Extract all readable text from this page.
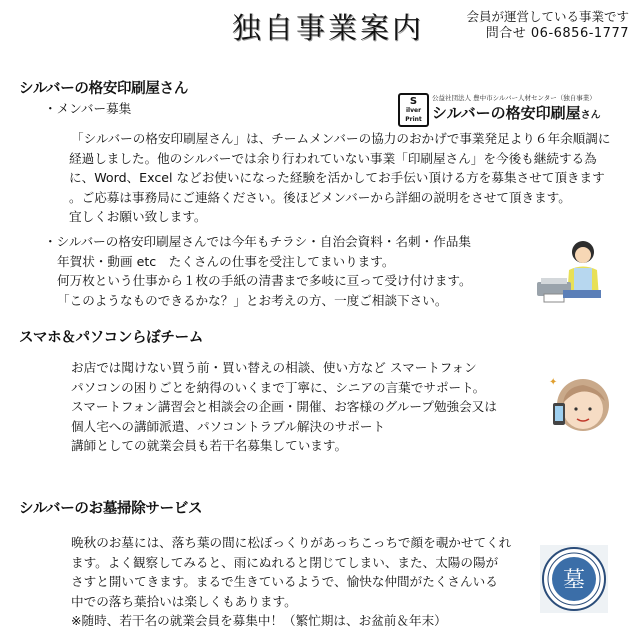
独自事業案内	会員が運営している事業です
問合せ 06-6856-1777
シルバーの格安印刷屋さん
・メンバー募集	S
ilver
Print
公益社団法人 豊中市シルバー人材センター（独自事業）
シルバーの格安印刷屋さん
「シルバーの格安印刷屋さん」は、チームメンバーの協力のおかげで事業発足より６年余順調に
経過しました。他のシルバーでは余り行われていない事業「印刷屋さん」を今後も継続する為
に、Word、Excel などお使いになった経験を活かしてお手伝い頂ける方を募集させて頂きます
。ご応募は事務局にご連絡ください。後ほどメンバーから詳細の説明をさせて頂きます。
宜しくお願い致します。
・シルバーの格安印刷屋さんでは今年もチラシ・自治会資料・名刺・作品集
年賀状・動画 etc　たくさんの仕事を受注してまいります。
何万枚という仕事から１枚の手紙の清書まで多岐に亘って受け付けます。
「このようなものできるかな？」とお考えの方、一度ご相談下さい。
スマホ＆パソコンらぼチーム
お店では聞けない買う前・買い替えの相談、使い方など スマートフォン
パソコンの困りごとを納得のいくまで丁寧に、シニアの言葉でサポート。
スマートフォン講習会と相談会の企画・開催、お客様のグループ勉強会又は
個人宅への講師派遣、パソコントラブル解決のサポート
講師としての就業会員も若干名募集しています。
✦
シルバーのお墓掃除サービス
晩秋のお墓には、落ち葉の間に松ぼっくりがあっちこっちで顔を覗かせてくれ
ます。よく観察してみると、雨にぬれると閉じてしまい、また、太陽の陽が
さすと開いてきます。まるで生きているようで、愉快な仲間がたくさんいる
中での落ち葉拾いは楽しくもあります。
※随時、若干名の就業会員を募集中！（繁忙期は、お盆前＆年末）
墓
